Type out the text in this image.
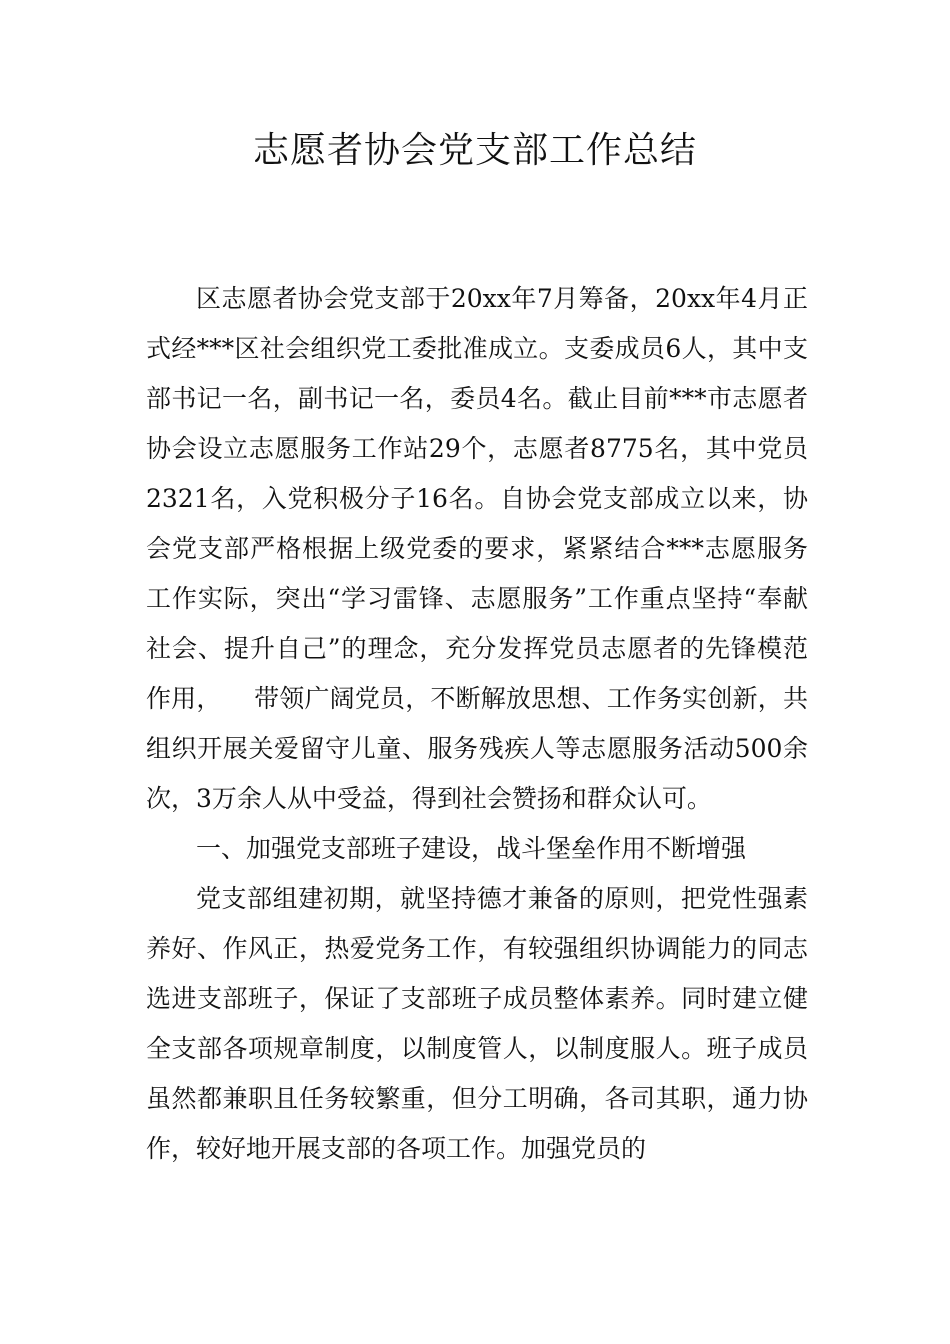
志愿者协会党支部工作总结

区志愿者协会党支部于20xx年7月筹备，20xx年4月正式经***区社会组织党工委批准成立。支委成员6人，其中支部书记一名，副书记一名，委员4名。截止目前***市志愿者协会设立志愿服务工作站29个，志愿者8775名，其中党员2321名，入党积极分子16名。自协会党支部成立以来，协会党支部严格根据上级党委的要求，紧紧结合***志愿服务工作实际，突出“学习雷锋、志愿服务”工作重点坚持“奉献社会、提升自己”的理念，充分发挥党员志愿者的先锋模范作用，    带领广阔党员，不断解放思想、工作务实创新，共组织开展关爱留守儿童、服务残疾人等志愿服务活动500余次，3万余人从中受益，得到社会赞扬和群众认可。

一、加强党支部班子建设，战斗堡垒作用不断增强

党支部组建初期，就坚持德才兼备的原则，把党性强素养好、作风正，热爱党务工作，有较强组织协调能力的同志选进支部班子，保证了支部班子成员整体素养。同时建立健全支部各项规章制度，以制度管人，以制度服人。班子成员虽然都兼职且任务较繁重，但分工明确，各司其职，通力协作，较好地开展支部的各项工作。加强党员的
